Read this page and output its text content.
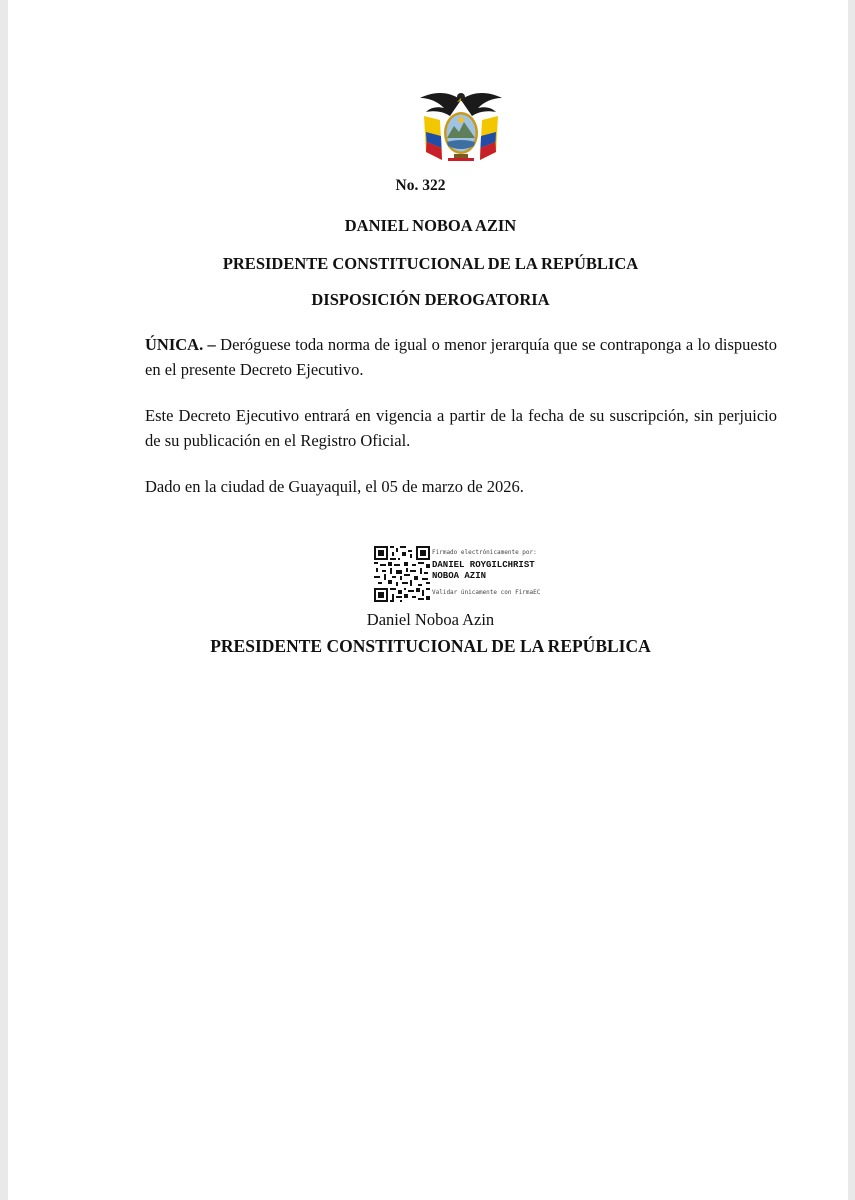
No. 322
DANIEL NOBOA AZIN
PRESIDENTE CONSTITUCIONAL DE LA REPÚBLICA
DISPOSICIÓN DEROGATORIA
ÚNICA. – Deróguese toda norma de igual o menor jerarquía que se contraponga a lo dispuesto en el presente Decreto Ejecutivo.
Este Decreto Ejecutivo entrará en vigencia a partir de la fecha de su suscripción, sin perjuicio de su publicación en el Registro Oficial.
Dado en la ciudad de Guayaquil, el 05 de marzo de 2026.
Firmado electrónicamente por:
DANIEL ROYGILCHRIST
NOBOA AZIN
Validar únicamente con FirmaEC
Daniel Noboa Azin
PRESIDENTE CONSTITUCIONAL DE LA REPÚBLICA
